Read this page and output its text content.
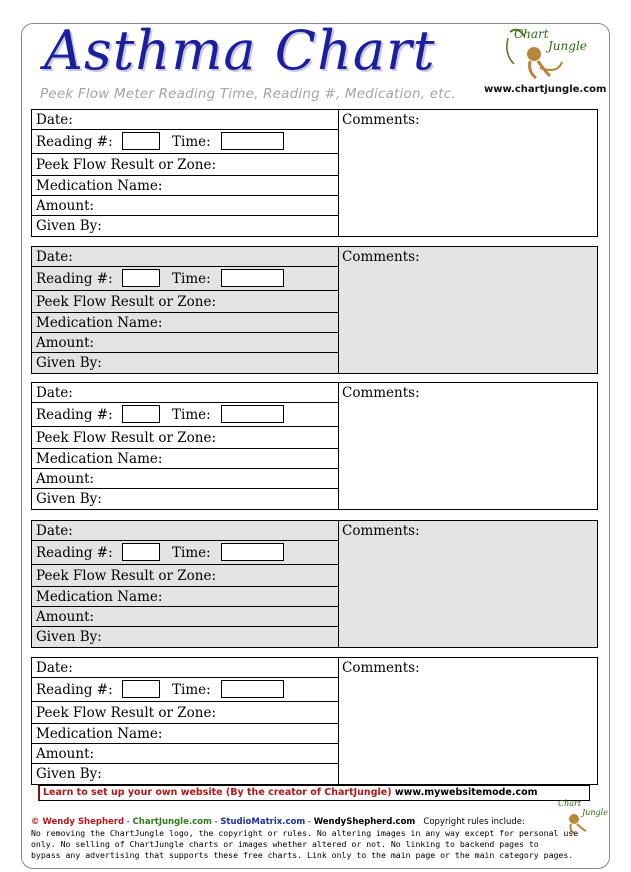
Asthma Chart
Peek Flow Meter Reading Time, Reading #, Medication, etc.
Chart
Jungle
www.chartjungle.com
Date:
Reading #:	Time:
Peek Flow Result or Zone:
Medication Name:
Amount:
Given By:
Comments:
Date:
Reading #:	Time:
Peek Flow Result or Zone:
Medication Name:
Amount:
Given By:
Comments:
Date:
Reading #:	Time:
Peek Flow Result or Zone:
Medication Name:
Amount:
Given By:
Comments:
Date:
Reading #:	Time:
Peek Flow Result or Zone:
Medication Name:
Amount:
Given By:
Comments:
Date:
Reading #:	Time:
Peek Flow Result or Zone:
Medication Name:
Amount:
Given By:
Comments:
Learn to set up your own website (By the creator of ChartJungle) www.mywebsitemode.com
Chart
Jungle
© Wendy Shepherd - ChartJungle.com - StudioMatrix.com - WendyShepherd.com Copyright rules include:
No removing the ChartJungle logo, the copyright or rules. No altering images in any way except for personal use
only. No selling of ChartJungle charts or images whether altered or not. No linking to backend pages to
bypass any advertising that supports these free charts. Link only to the main page or the main category pages.
